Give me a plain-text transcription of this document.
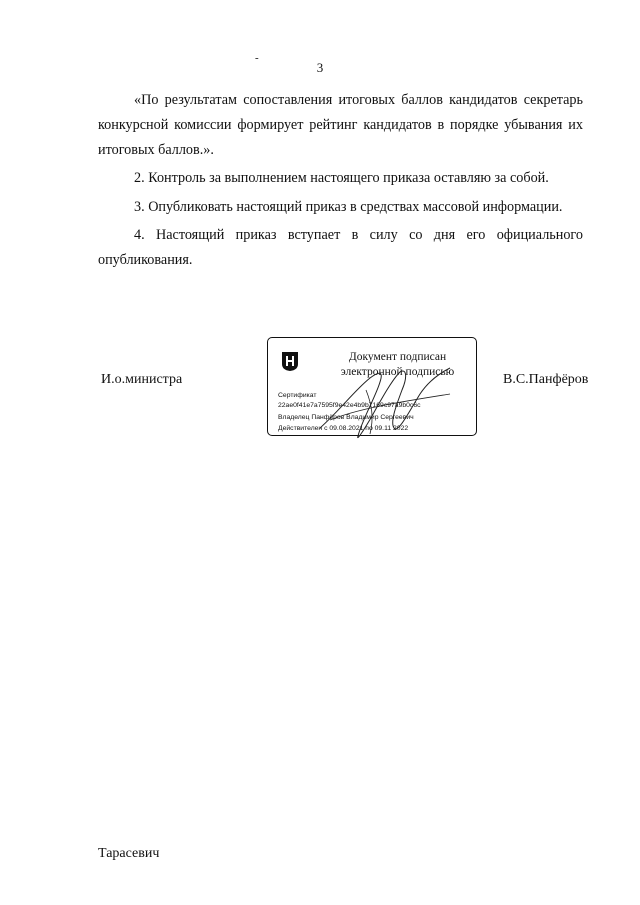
-
3

«По результатам сопоставления итоговых баллов кандидатов секретарь конкурсной комиссии формирует рейтинг кандидатов в порядке убывания их итоговых баллов.».

2. Контроль за выполнением настоящего приказа оставляю за собой.

3. Опубликовать настоящий приказ в средствах массовой информации.

4. Настоящий приказ вступает в силу со дня его официального опубликования.

И.о.министра
Документ подписан
электронной подписью
Сертификат
22ae0f41e7a7595f9e42e4b9b7169c97a9b0c6c
Владелец Панфёров Владимир Сергеевич
Действителен с 09.08.2021 по 09.11 2022
В.С.Панфёров
Тарасевич
